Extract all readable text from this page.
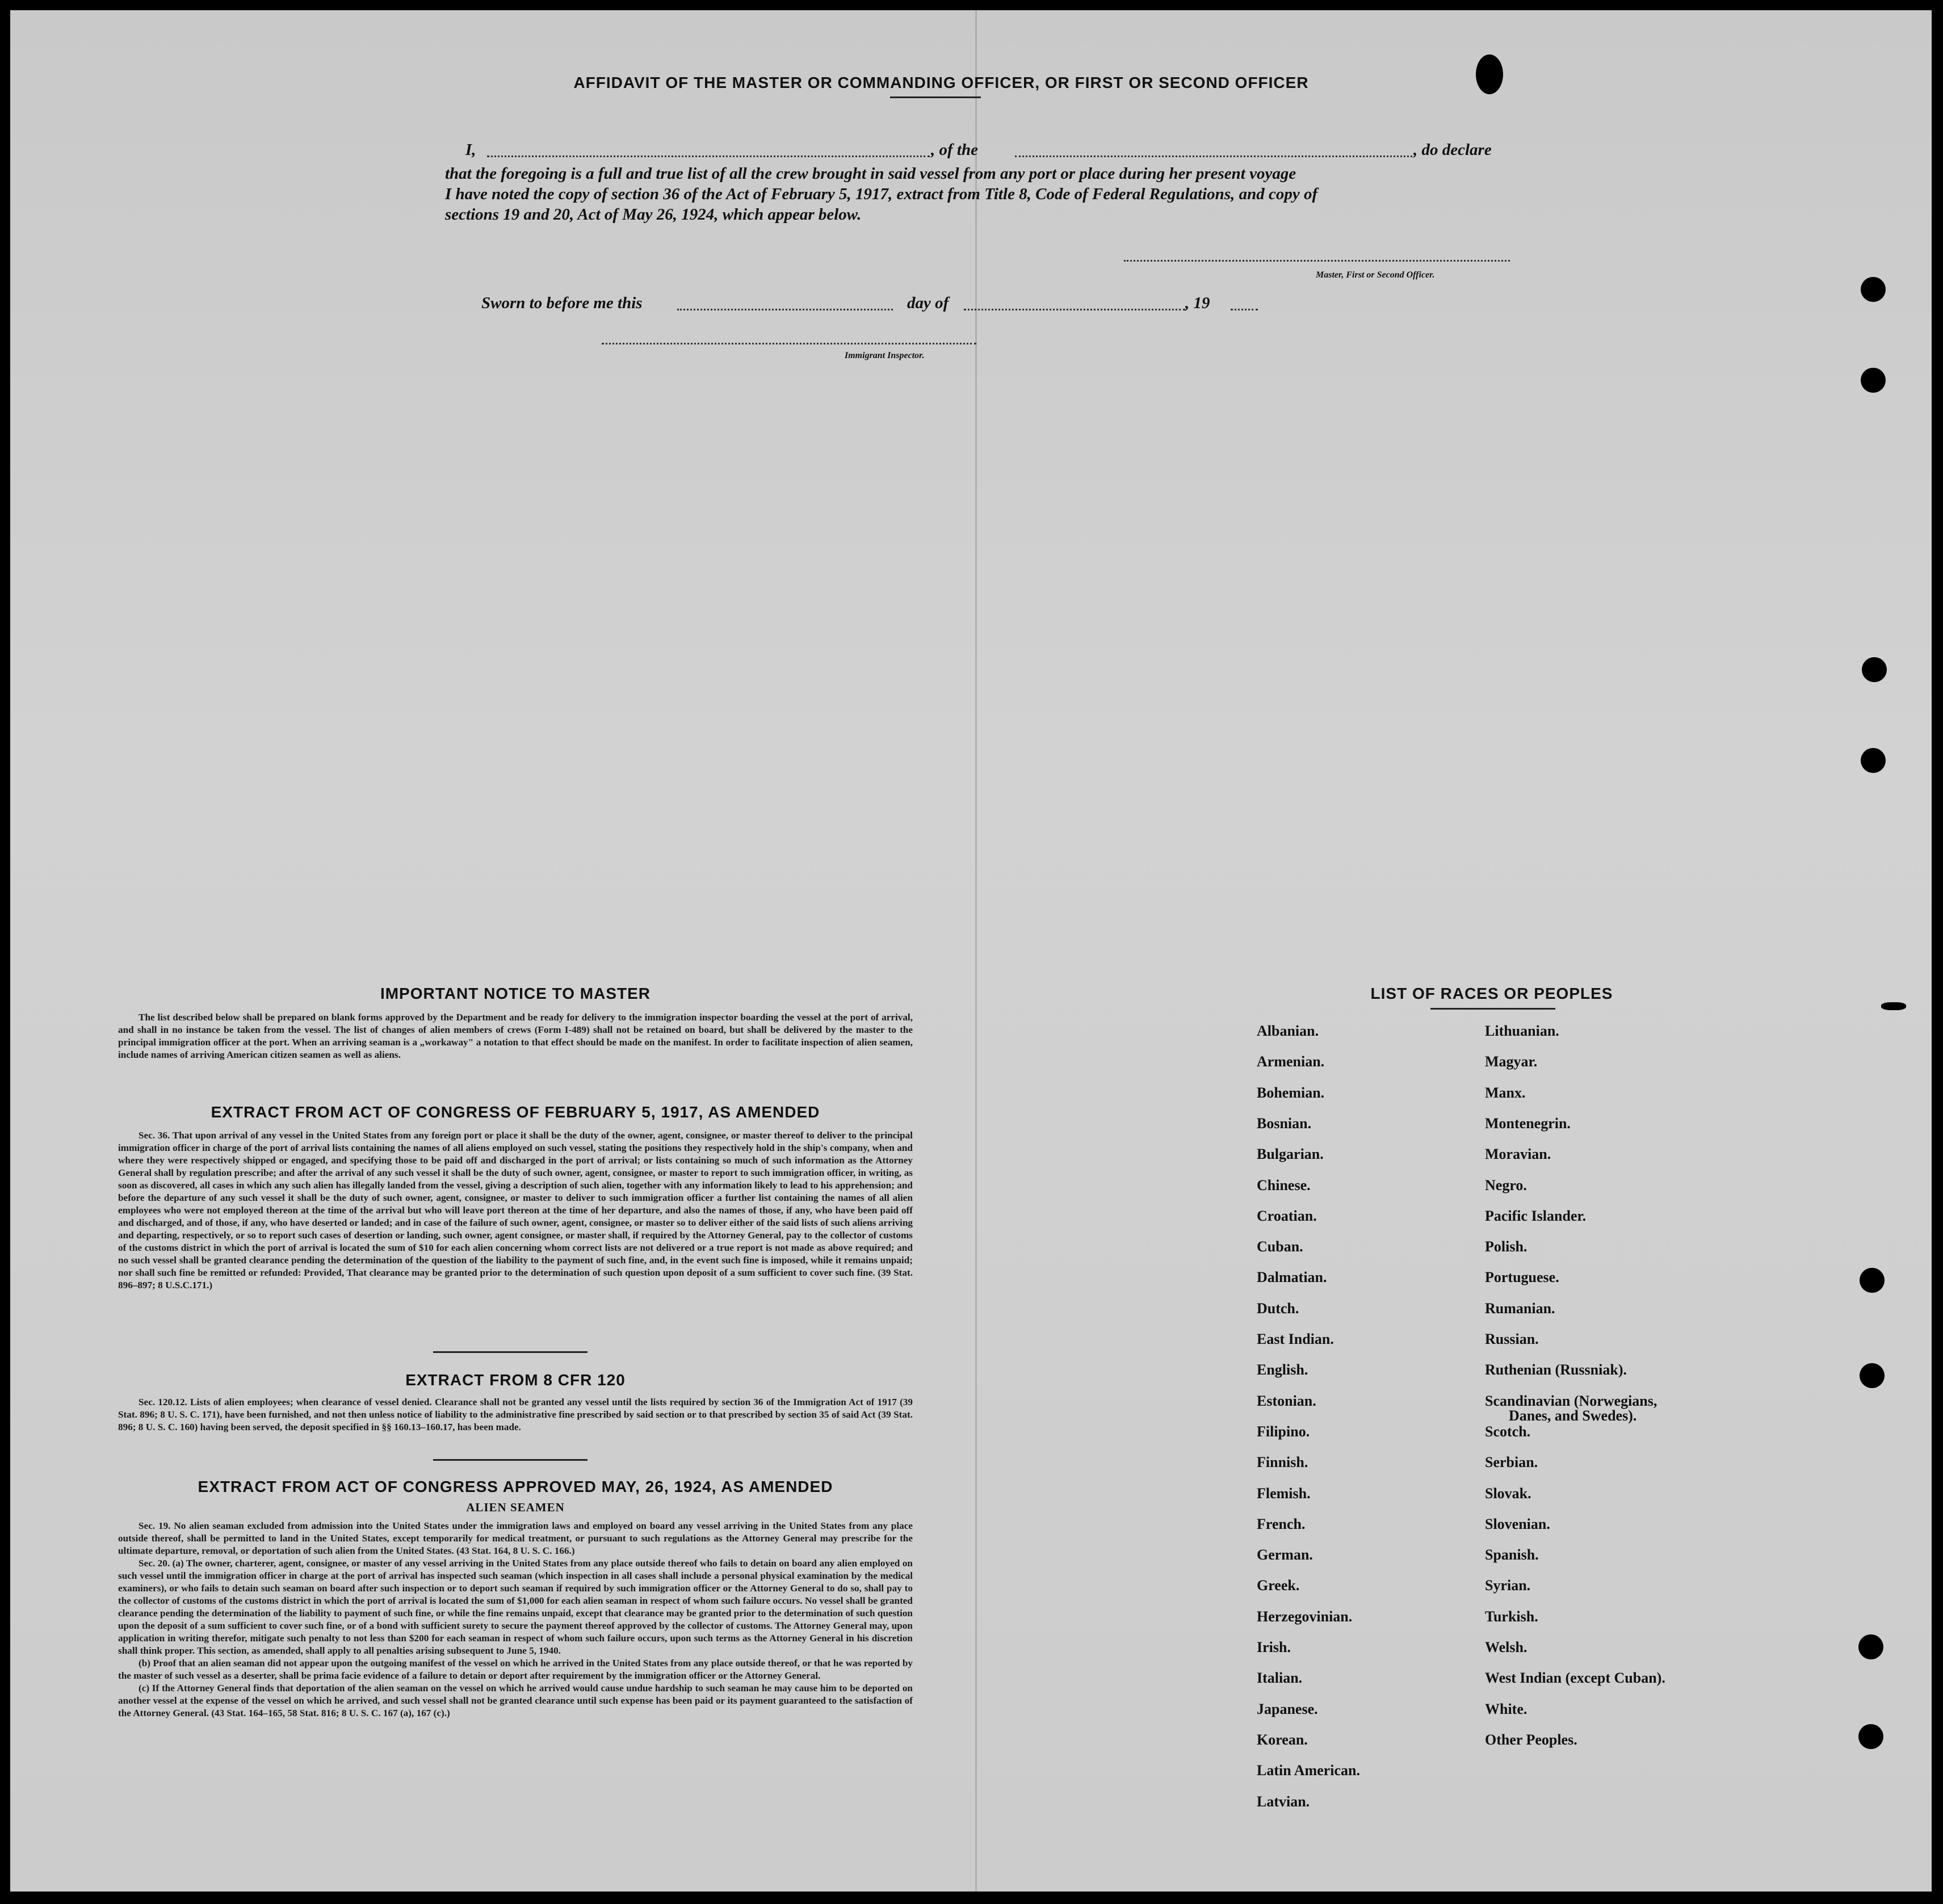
AFFIDAVIT OF THE MASTER OR COMMANDING OFFICER, OR FIRST OR SECOND OFFICER
I,	, of the	, do declare
that the foregoing is a full and true list of all the crew brought in said vessel from any port or place during her present voyage
I have noted the copy of section 36 of the Act of February 5, 1917, extract from Title 8, Code of Federal Regulations, and copy of
sections 19 and 20, Act of May 26, 1924, which appear below.
Master, First or Second Officer.
Sworn to before me this	day of	, 19
Immigrant Inspector.
IMPORTANT NOTICE TO MASTER

The list described below shall be prepared on blank forms approved by the Department and be ready for delivery to the immigration inspector boarding the vessel at the port of arrival, and shall in no instance be taken from the vessel. The list of changes of alien members of crews (Form I-489) shall not be retained on board, but shall be delivered by the master to the principal immigration officer at the port. When an arriving seaman is a „workaway" a notation to that effect should be made on the manifest. In order to facilitate inspection of alien seamen, include names of arriving American citizen seamen as well as aliens.

EXTRACT FROM ACT OF CONGRESS OF FEBRUARY 5, 1917, AS AMENDED

Sec. 36. That upon arrival of any vessel in the United States from any foreign port or place it shall be the duty of the owner, agent, consignee, or master thereof to deliver to the principal immigration officer in charge of the port of arrival lists containing the names of all aliens employed on such vessel, stating the positions they respectively hold in the ship's company, when and where they were respectively shipped or engaged, and specifying those to be paid off and discharged in the port of arrival; or lists containing so much of such information as the Attorney General shall by regulation prescribe; and after the arrival of any such vessel it shall be the duty of such owner, agent, consignee, or master to report to such immigration officer, in writing, as soon as discovered, all cases in which any such alien has illegally landed from the vessel, giving a description of such alien, together with any information likely to lead to his apprehension; and before the departure of any such vessel it shall be the duty of such owner, agent, consignee, or master to deliver to such immigration officer a further list containing the names of all alien employees who were not employed thereon at the time of the arrival but who will leave port thereon at the time of her departure, and also the names of those, if any, who have been paid off and discharged, and of those, if any, who have deserted or landed; and in case of the failure of such owner, agent, consignee, or master so to deliver either of the said lists of such aliens arriving and departing, respectively, or so to report such cases of desertion or landing, such owner, agent consignee, or master shall, if required by the Attorney General, pay to the collector of customs of the customs district in which the port of arrival is located the sum of $10 for each alien concerning whom correct lists are not delivered or a true report is not made as above required; and no such vessel shall be granted clearance pending the determination of the question of the liability to the payment of such fine, and, in the event such fine is imposed, while it remains unpaid; nor shall such fine be remitted or refunded: Provided, That clearance may be granted prior to the determination of such question upon deposit of a sum sufficient to cover such fine. (39 Stat. 896–897; 8 U.S.C.171.)

EXTRACT FROM 8 CFR 120

Sec. 120.12. Lists of alien employees; when clearance of vessel denied. Clearance shall not be granted any vessel until the lists required by section 36 of the Immigration Act of 1917 (39 Stat. 896; 8 U. S. C. 171), have been furnished, and not then unless notice of liability to the administrative fine prescribed by said section or to that prescribed by section 35 of said Act (39 Stat. 896; 8 U. S. C. 160) having been served, the deposit specified in §§ 160.13–160.17, has been made.

EXTRACT FROM ACT OF CONGRESS APPROVED MAY, 26, 1924, AS AMENDED
ALIEN SEAMEN

Sec. 19. No alien seaman excluded from admission into the United States under the immigration laws and employed on board any vessel arriving in the United States from any place outside thereof, shall be permitted to land in the United States, except temporarily for medical treatment, or pursuant to such regulations as the Attorney General may prescribe for the ultimate departure, removal, or deportation of such alien from the United States. (43 Stat. 164, 8 U. S. C. 166.)

Sec. 20. (a) The owner, charterer, agent, consignee, or master of any vessel arriving in the United States from any place outside thereof who fails to detain on board any alien employed on such vessel until the immigration officer in charge at the port of arrival has inspected such seaman (which inspection in all cases shall include a personal physical examination by the medical examiners), or who fails to detain such seaman on board after such inspection or to deport such seaman if required by such immigration officer or the Attorney General to do so, shall pay to the collector of customs of the customs district in which the port of arrival is located the sum of $1,000 for each alien seaman in respect of whom such failure occurs. No vessel shall be granted clearance pending the determination of the liability to payment of such fine, or while the fine remains unpaid, except that clearance may be granted prior to the determination of such question upon the deposit of a sum sufficient to cover such fine, or of a bond with sufficient surety to secure the payment thereof approved by the collector of customs. The Attorney General may, upon application in writing therefor, mitigate such penalty to not less than $200 for each seaman in respect of whom such failure occurs, upon such terms as the Attorney General in his discretion shall think proper. This section, as amended, shall apply to all penalties arising subsequent to June 5, 1940.

(b) Proof that an alien seaman did not appear upon the outgoing manifest of the vessel on which he arrived in the United States from any place outside thereof, or that he was reported by the master of such vessel as a deserter, shall be prima facie evidence of a failure to detain or deport after requirement by the immigration officer or the Attorney General.

(c) If the Attorney General finds that deportation of the alien seaman on the vessel on which he arrived would cause undue hardship to such seaman he may cause him to be deported on another vessel at the expense of the vessel on which he arrived, and such vessel shall not be granted clearance until such expense has been paid or its payment guaranteed to the satisfaction of the Attorney General. (43 Stat. 164–165, 58 Stat. 816; 8 U. S. C. 167 (a), 167 (c).)

LIST OF RACES OR PEOPLES
Albanian.
Armenian.
Bohemian.
Bosnian.
Bulgarian.
Chinese.
Croatian.
Cuban.
Dalmatian.
Dutch.
East Indian.
English.
Estonian.
Filipino.
Finnish.
Flemish.
French.
German.
Greek.
Herzegovinian.
Irish.
Italian.
Japanese.
Korean.
Latin American.
Latvian.
Lithuanian.
Magyar.
Manx.
Montenegrin.
Moravian.
Negro.
Pacific Islander.
Polish.
Portuguese.
Rumanian.
Russian.
Ruthenian (Russniak).
Scandinavian (Norwegians,
Danes, and Swedes).
Scotch.
Serbian.
Slovak.
Slovenian.
Spanish.
Syrian.
Turkish.
Welsh.
West Indian (except Cuban).
White.
Other Peoples.
